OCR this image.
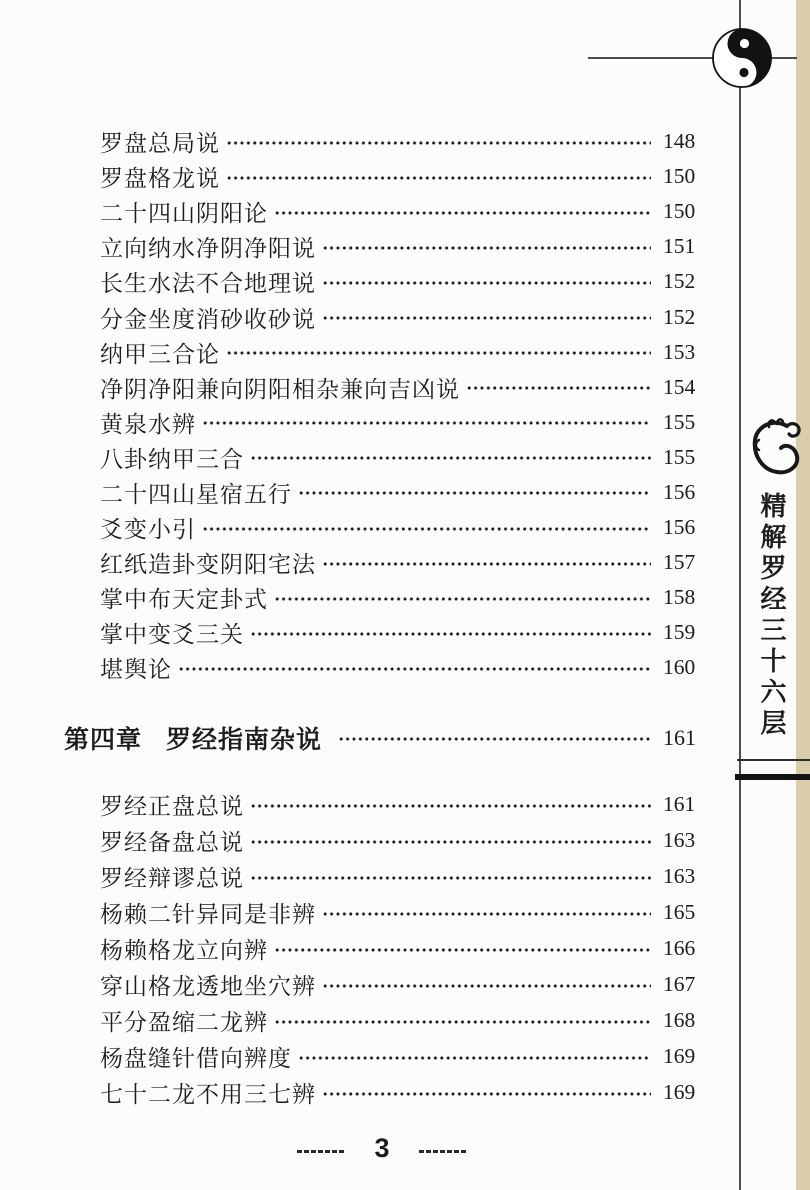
精解罗经三十六层
罗盘总局说	148
罗盘格龙说	150
二十四山阴阳论	150
立向纳水净阴净阳说	151
长生水法不合地理说	152
分金坐度消砂收砂说	152
纳甲三合论	153
净阴净阳兼向阴阳相杂兼向吉凶说	154
黄泉水辨	155
八卦纳甲三合	155
二十四山星宿五行	156
爻变小引	156
红纸造卦变阴阳宅法	157
掌中布天定卦式	158
掌中变爻三关	159
堪舆论	160
第四章 罗经指南杂说	161
罗经正盘总说	161
罗经备盘总说	163
罗经辩谬总说	163
杨赖二针异同是非辨	165
杨赖格龙立向辨	166
穿山格龙透地坐穴辨	167
平分盈缩二龙辨	168
杨盘缝针借向辨度	169
七十二龙不用三七辨	169
3
